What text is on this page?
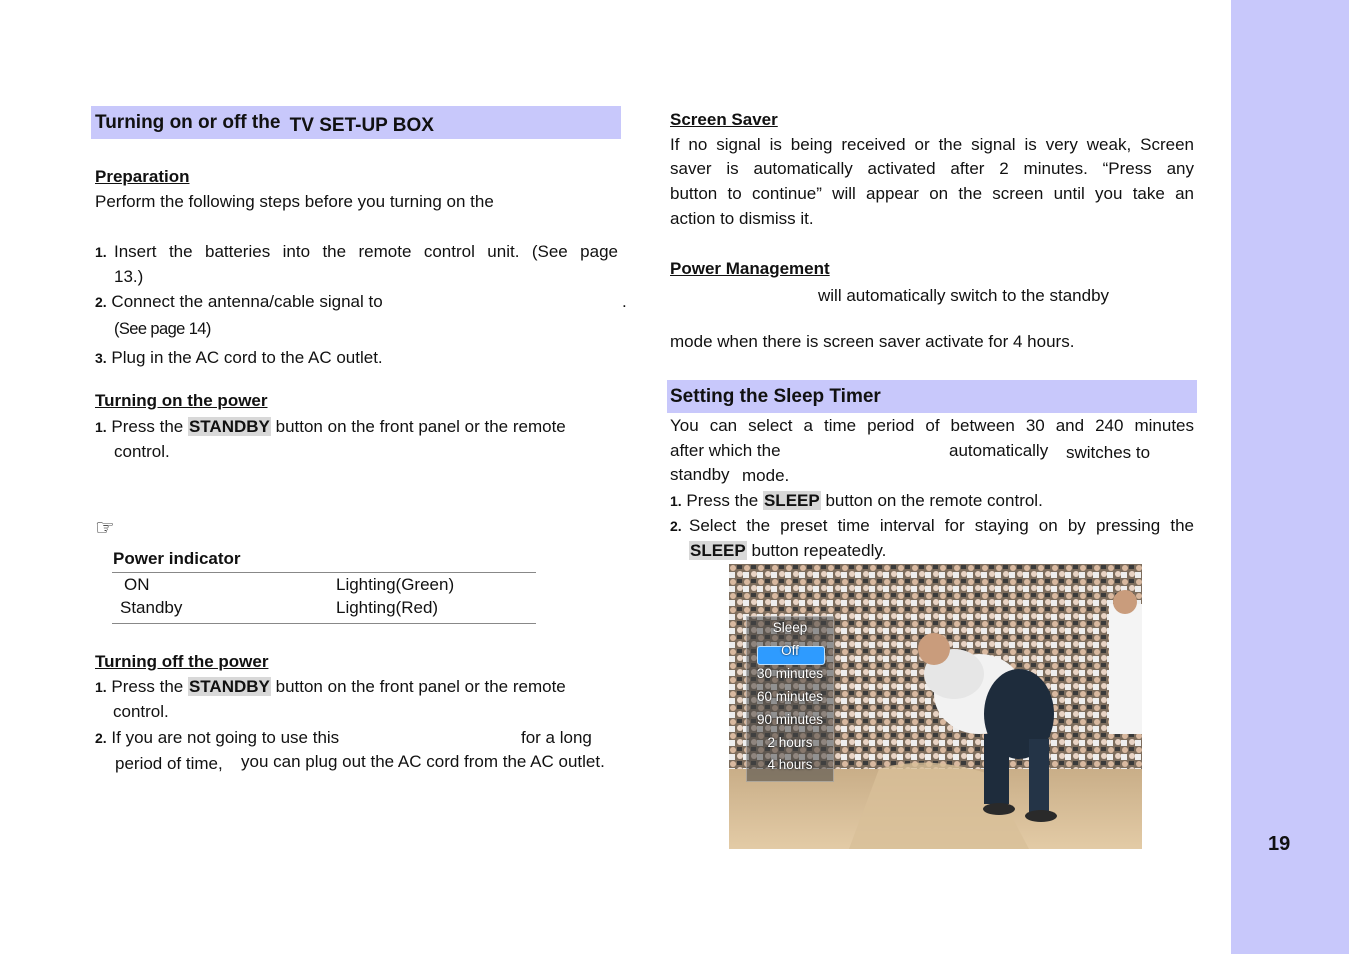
19
Turning on or off the TV SET-UP BOX
Preparation
Perform the following steps before you turning on the
1. Insert the batteries into the remote control unit. (See page
13.)
2. Connect the antenna/cable signal to	.
(See page 14)
3. Plug in the AC cord to the AC outlet.
Turning on the power
1. Press the STANDBY button on the front panel or the remote
control.
☞
Power indicator
ON	Lighting(Green)
Standby	Lighting(Red)
Turning off the power
1. Press the STANDBY button on the front panel or the remote
control.
2. If you are not going to use this	for a long
period of time, you can plug out the AC cord from the AC outlet.
Screen Saver
If no signal is being received or the signal is very weak, Screen
saver is automatically activated after 2 minutes. “Press any
button to continue” will appear on the screen until you take an
action to dismiss it.
Power Management
will automatically switch to the standby
mode when there is screen saver activate for 4 hours.
Setting the Sleep Timer
You can select a time period of between 30 and 240 minutes
after which the	automatically switches to
standby mode.
1. Press the SLEEP button on the remote control.
2. Select the preset time interval for staying on by pressing the
SLEEP button repeatedly.
Sleep
Off
30 minutes
60 minutes
90 minutes
2 hours
4 hours
